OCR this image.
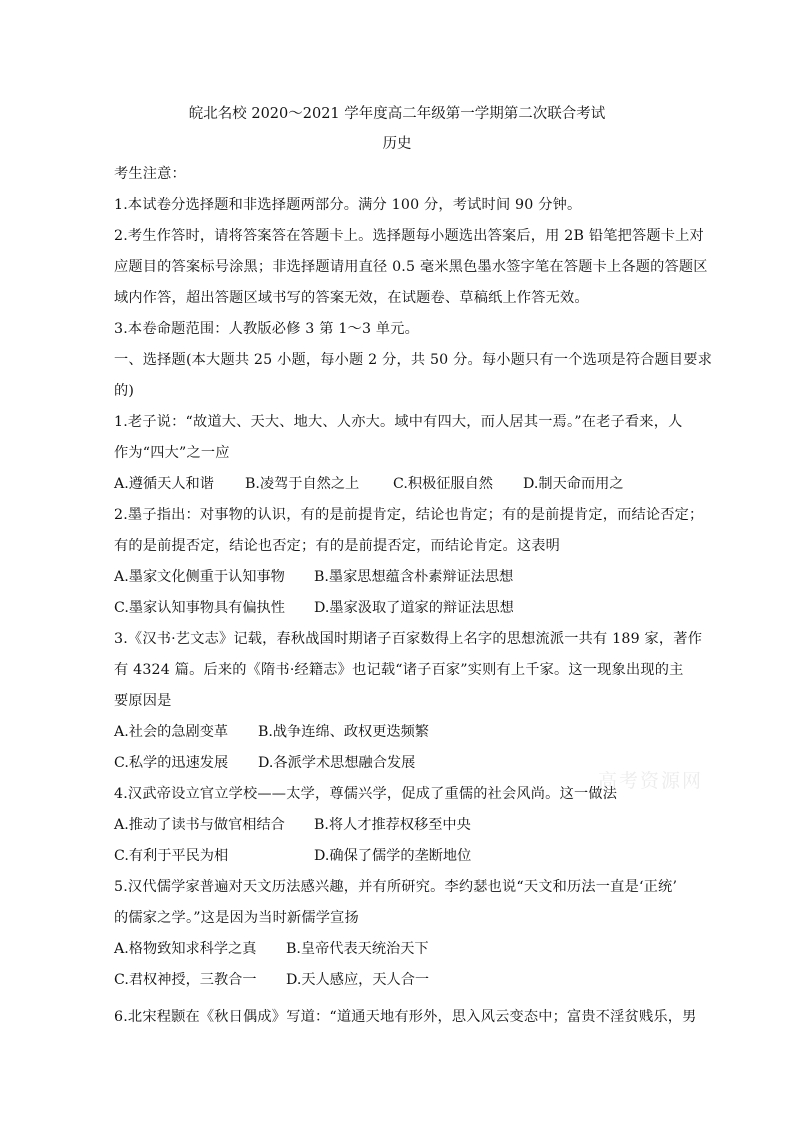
皖北名校 2020～2021 学年度高二年级第一学期第二次联合考试
历史
考生注意：
1.本试卷分选择题和非选择题两部分。满分 100 分，考试时间 90 分钟。
2.考生作答时，请将答案答在答题卡上。选择题每小题选出答案后，用 2B 铅笔把答题卡上对
应题目的答案标号涂黑；非选择题请用直径 0.5 毫米黑色墨水签字笔在答题卡上各题的答题区
域内作答，超出答题区域书写的答案无效，在试题卷、草稿纸上作答无效。
3.本卷命题范围：人教版必修 3 第 1～3 单元。
一、选择题(本大题共 25 小题，每小题 2 分，共 50 分。每小题只有一个选项是符合题目要求
的)
1.老子说：“故道大、天大、地大、人亦大。域中有四大，而人居其一焉。”在老子看来，人
作为“四大”之一应
A.遵循天人和谐 B.凌驾于自然之上 C.积极征服自然 D.制天命而用之
2.墨子指出：对事物的认识，有的是前提肯定，结论也肯定；有的是前提肯定，而结论否定；
有的是前提否定，结论也否定；有的是前提否定，而结论肯定。这表明
A.墨家文化侧重于认知事物 B.墨家思想蕴含朴素辩证法思想
C.墨家认知事物具有偏执性 D.墨家汲取了道家的辩证法思想
3.《汉书·艺文志》记载，春秋战国时期诸子百家数得上名字的思想流派一共有 189 家，著作
有 4324 篇。后来的《隋书·经籍志》也记载“诸子百家”实则有上千家。这一现象出现的主
要原因是
A.社会的急剧变革 B.战争连绵、政权更迭频繁
C.私学的迅速发展 D.各派学术思想融合发展
高考资源网
4.汉武帝设立官立学校——太学，尊儒兴学，促成了重儒的社会风尚。这一做法
A.推动了读书与做官相结合 B.将人才推荐权移至中央
C.有利于平民为相	D.确保了儒学的垄断地位
5.汉代儒学家普遍对天文历法感兴趣，并有所研究。李约瑟也说“天文和历法一直是‘正统’
的儒家之学。”这是因为当时新儒学宣扬
A.格物致知求科学之真 B.皇帝代表天统治天下
C.君权神授，三教合一 D.天人感应，天人合一
6.北宋程颢在《秋日偶成》写道：“道通天地有形外，思入风云变态中；富贵不淫贫贱乐，男
